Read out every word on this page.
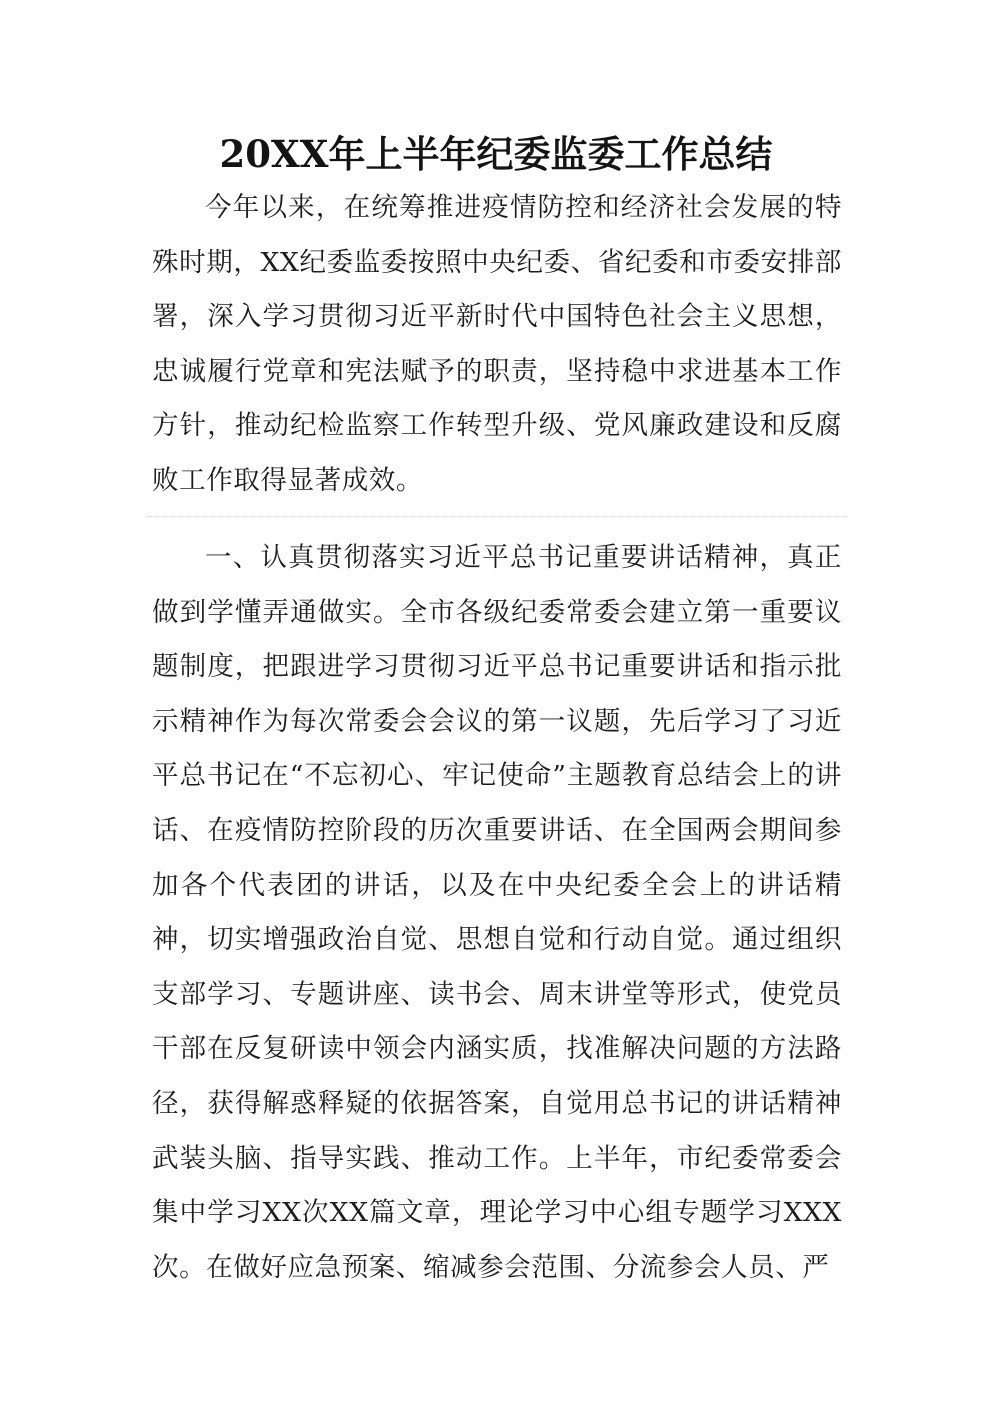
20XX年上半年纪委监委工作总结
今年以来，在统筹推进疫情防控和经济社会发展的特殊时期，XX纪委监委按照中央纪委、省纪委和市委安排部署，深入学习贯彻习近平新时代中国特色社会主义思想，忠诚履行党章和宪法赋予的职责，坚持稳中求进基本工作方针，推动纪检监察工作转型升级、党风廉政建设和反腐败工作取得显著成效。
一、认真贯彻落实习近平总书记重要讲话精神，真正做到学懂弄通做实。全市各级纪委常委会建立第一重要议题制度，把跟进学习贯彻习近平总书记重要讲话和指示批示精神作为每次常委会会议的第一议题，先后学习了习近平总书记在“不忘初心、牢记使命”主题教育总结会上的讲话、在疫情防控阶段的历次重要讲话、在全国两会期间参加各个代表团的讲话，以及在中央纪委全会上的讲话精神，切实增强政治自觉、思想自觉和行动自觉。通过组织支部学习、专题讲座、读书会、周末讲堂等形式，使党员干部在反复研读中领会内涵实质，找准解决问题的方法路径，获得解惑释疑的依据答案，自觉用总书记的讲话精神武装头脑、指导实践、推动工作。上半年，市纪委常委会集中学习XX次XX篇文章，理论学习中心组专题学习XXX次。在做好应急预案、缩减参会范围、分流参会人员、严
